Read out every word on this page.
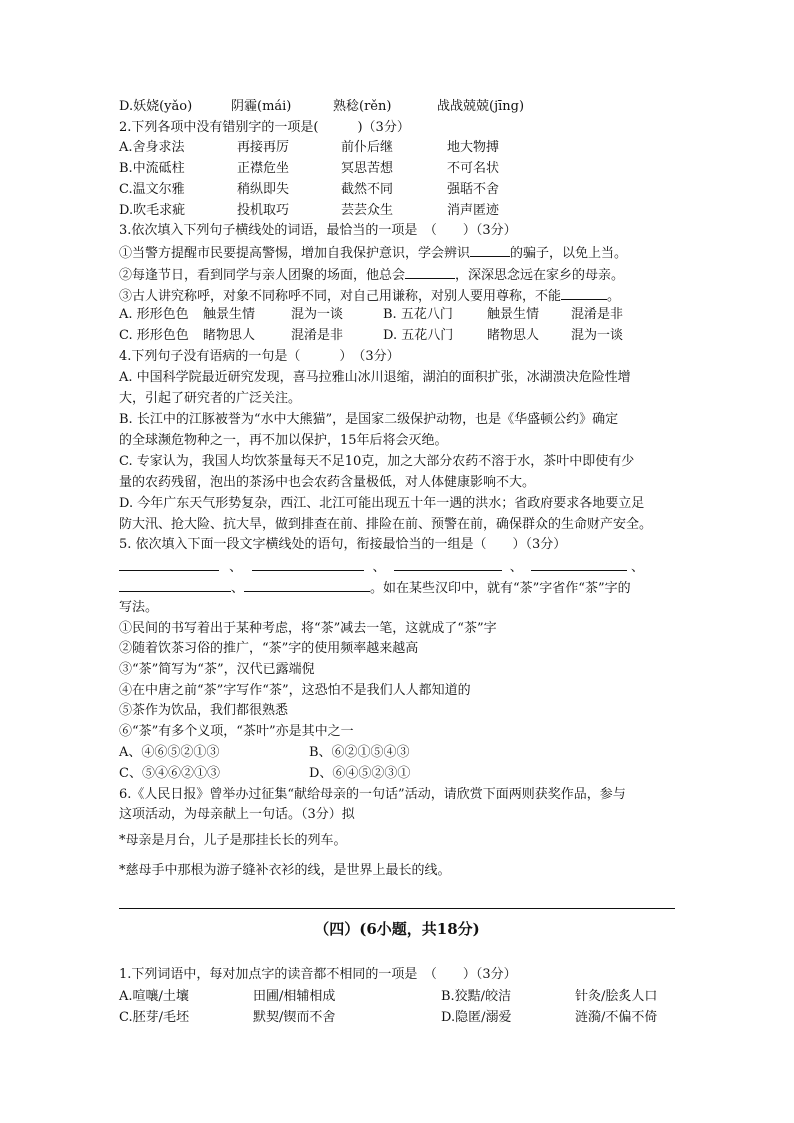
D.妖娆(yǎo)	阴霾(mái)	熟稔(rěn)	战战兢兢(jīng)
2.下列各项中没有错别字的一项是(　　　)（3分）
A.舍身求法	再接再厉	前仆后继	地大物搏
B.中流砥柱	正襟危坐	冥思苦想	不可名状
C.温文尔雅	稍纵即失	截然不同	强聒不舍
D.吹毛求疵	投机取巧	芸芸众生	消声匿迹
3.依次填入下列句子横线处的词语，最恰当的一项是　（　　）（3分）
①当警方提醒市民要提高警惕，增加自我保护意识，学会辨识	的骗子，以免上当。
②每逢节日，看到同学与亲人团聚的场面，他总会	，深深思念远在家乡的母亲。
③古人讲究称呼，对象不同称呼不同，对自己用谦称，对别人要用尊称，不能	。
A. 形形色色	触景生情	混为一谈	B. 五花八门	触景生情	混淆是非
C. 形形色色	睹物思人	混淆是非	D. 五花八门	睹物思人	混为一谈
4.下列句子没有语病的一句是（　　　）　（3分）
A. 中国科学院最近研究发现，喜马拉雅山冰川退缩，湖泊的面积扩张，冰湖溃决危险性增
大，引起了研究者的广泛关注。
B. 长江中的江豚被誉为“水中大熊猫”，是国家二级保护动物，也是《华盛顿公约》确定
的全球濒危物种之一，再不加以保护，15年后将会灭绝。
C. 专家认为，我国人均饮茶量每天不足10克，加之大部分农药不溶于水，茶叶中即使有少
量的农药残留，泡出的茶汤中也会农药含量极低，对人体健康影响不大。
D. 今年广东天气形势复杂，西江、北江可能出现五十年一遇的洪水；省政府要求各地要立足
防大汛、抢大险、抗大旱，做到排查在前、排险在前、预警在前，确保群众的生命财产安全。
5. 依次填入下面一段文字横线处的语句，衔接最恰当的一组是（　　）（3分）
、	、	、	、
、	。如在某些汉印中，就有“茶”字省作“茶”字的
写法。
①民间的书写着出于某种考虑，将“茶”减去一笔，这就成了“茶”字
②随着饮茶习俗的推广，“茶”字的使用频率越来越高
③“茶”简写为“茶”，汉代已露端倪
④在中唐之前“茶”字写作“茶”，这恐怕不是我们人人都知道的
⑤茶作为饮品，我们都很熟悉
⑥“茶”有多个义项，“茶叶”亦是其中之一
A、④⑥⑤②①③	B、⑥②①⑤④③
C、⑤④⑥②①③	D、⑥④⑤②③①
6.《人民日报》曾举办过征集“献给母亲的一句话”活动，请欣赏下面两则获奖作品，参与
这项活动，为母亲献上一句话。（3分）拟
*母亲是月台，儿子是那挂长长的列车。
*慈母手中那根为游子缝补衣衫的线，是世界上最长的线。
（四）(6小题，共18分)
1.下列词语中，每对加点字的读音都不相同的一项是　（　　）（3分）
A.喧嚷/土壤	田圃/相辅相成	B.狡黠/皎洁	针灸/脍炙人口
C.胚芽/毛坯	默契/锲而不舍	D.隐匿/溺爱	涟漪/不偏不倚
